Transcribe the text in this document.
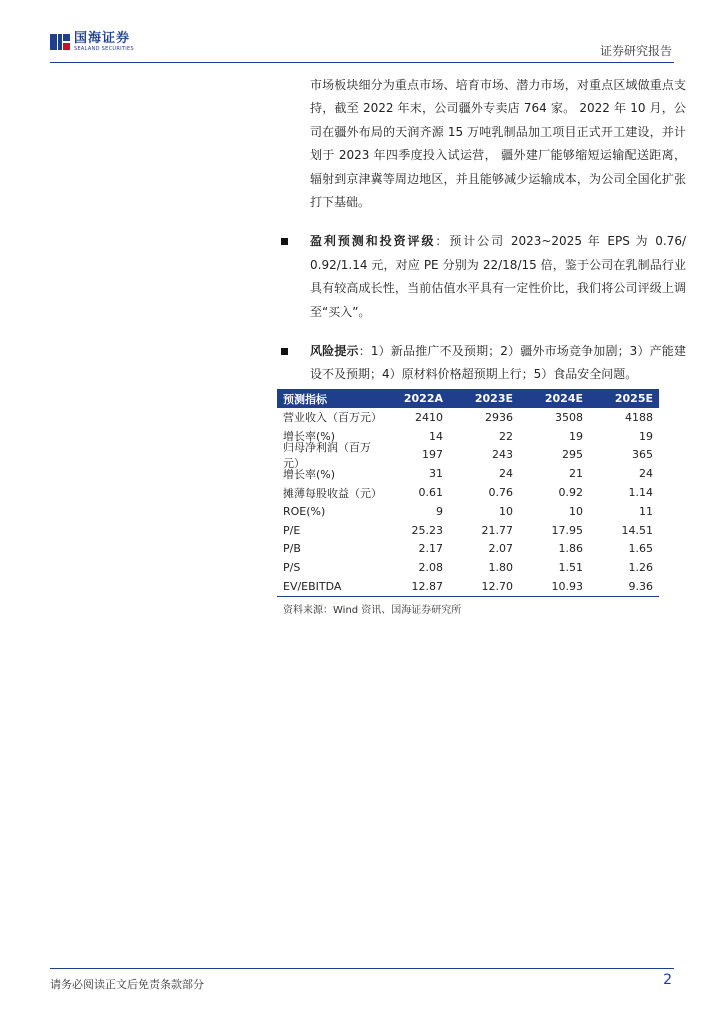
国海证券
SEALAND SECURITIES	证券研究报告

市场板块细分为重点市场、培育市场、潜力市场，对重点区域做重点支持，截至 2022 年末，公司疆外专卖店 764 家。 2022 年 10 月，公司在疆外布局的天润齐源 15 万吨乳制品加工项目正式开工建设，并计划于 2023 年四季度投入试运营， 疆外建厂能够缩短运输配送距离，辐射到京津冀等周边地区，并且能够减少运输成本，为公司全国化扩张打下基础。

盈利预测和投资评级：预计公司 2023~2025 年 EPS 为 0.76/ 0.92/1.14 元，对应 PE 分别为 22/18/15 倍，鉴于公司在乳制品行业具有较高成长性，当前估值水平具有一定性价比，我们将公司评级上调至“买入”。

风险提示：1）新品推广不及预期；2）疆外市场竞争加剧；3）产能建设不及预期；4）原材料价格超预期上行；5）食品安全问题。

预测指标	2022A	2023E	2024E	2025E
营业收入（百万元）	2410	2936	3508	4188
增长率(%)	14	22	19	19
归母净利润（百万元）
197	243	295	365
增长率(%)	31	24	21	24
摊薄每股收益（元）	0.61	0.76	0.92	1.14
ROE(%)	9	10	10	11
P/E	25.23	21.77	17.95	14.51
P/B	2.17	2.07	1.86	1.65
P/S	2.08	1.80	1.51	1.26
EV/EBITDA	12.87	12.70	10.93	9.36
资料来源：Wind 资讯、国海证券研究所
请务必阅读正文后免责条款部分	2
